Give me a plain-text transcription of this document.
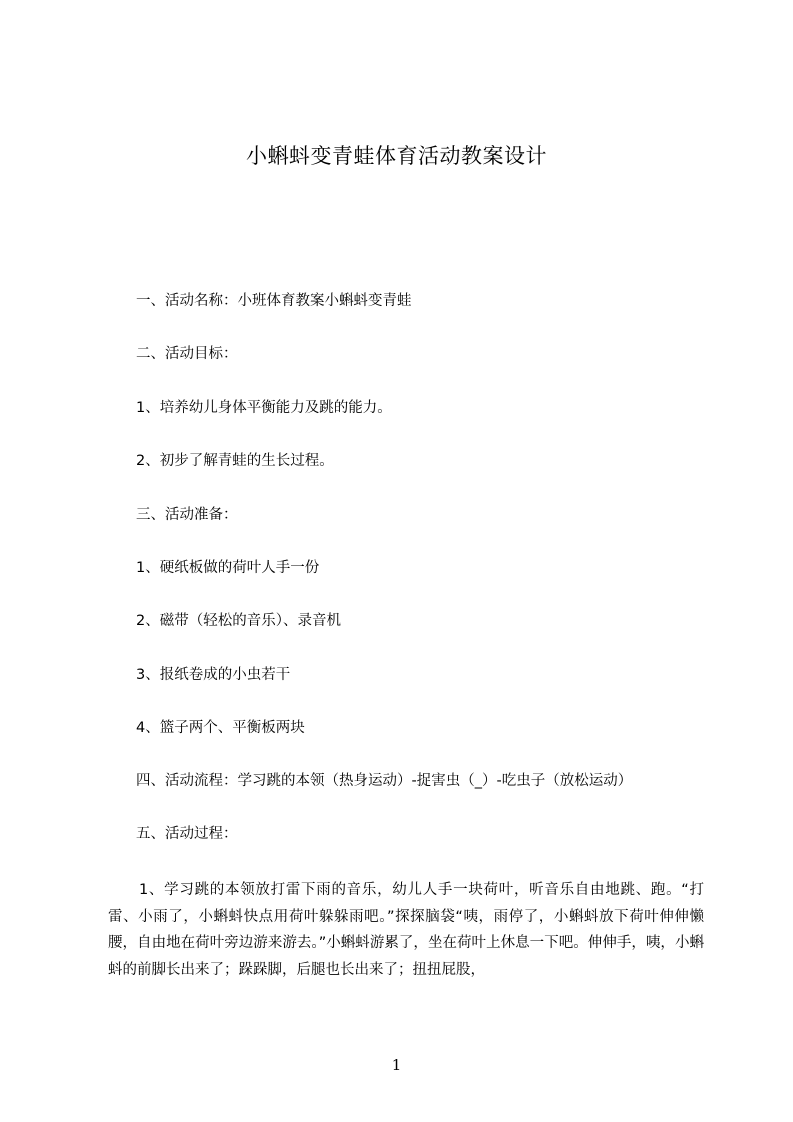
小蝌蚪变青蛙体育活动教案设计
一、活动名称：小班体育教案小蝌蚪变青蛙
二、活动目标：
1、培养幼儿身体平衡能力及跳的能力。
2、初步了解青蛙的生长过程。
三、活动准备：
1、硬纸板做的荷叶人手一份
2、磁带（轻松的音乐）、录音机
3、报纸卷成的小虫若干
4、篮子两个、平衡板两块
四、活动流程：学习跳的本领（热身运动）-捉害虫（_）-吃虫子（放松运动）
五、活动过程：
1、学习跳的本领放打雷下雨的音乐，幼儿人手一块荷叶，听音乐自由地跳、跑。“打雷、小雨了，小蝌蚪快点用荷叶躲躲雨吧。”探探脑袋“咦，雨停了，小蝌蚪放下荷叶伸伸懒腰，自由地在荷叶旁边游来游去。”小蝌蚪游累了，坐在荷叶上休息一下吧。伸伸手，咦，小蝌蚪的前脚长出来了；跺跺脚，后腿也长出来了；扭扭屁股，
1
